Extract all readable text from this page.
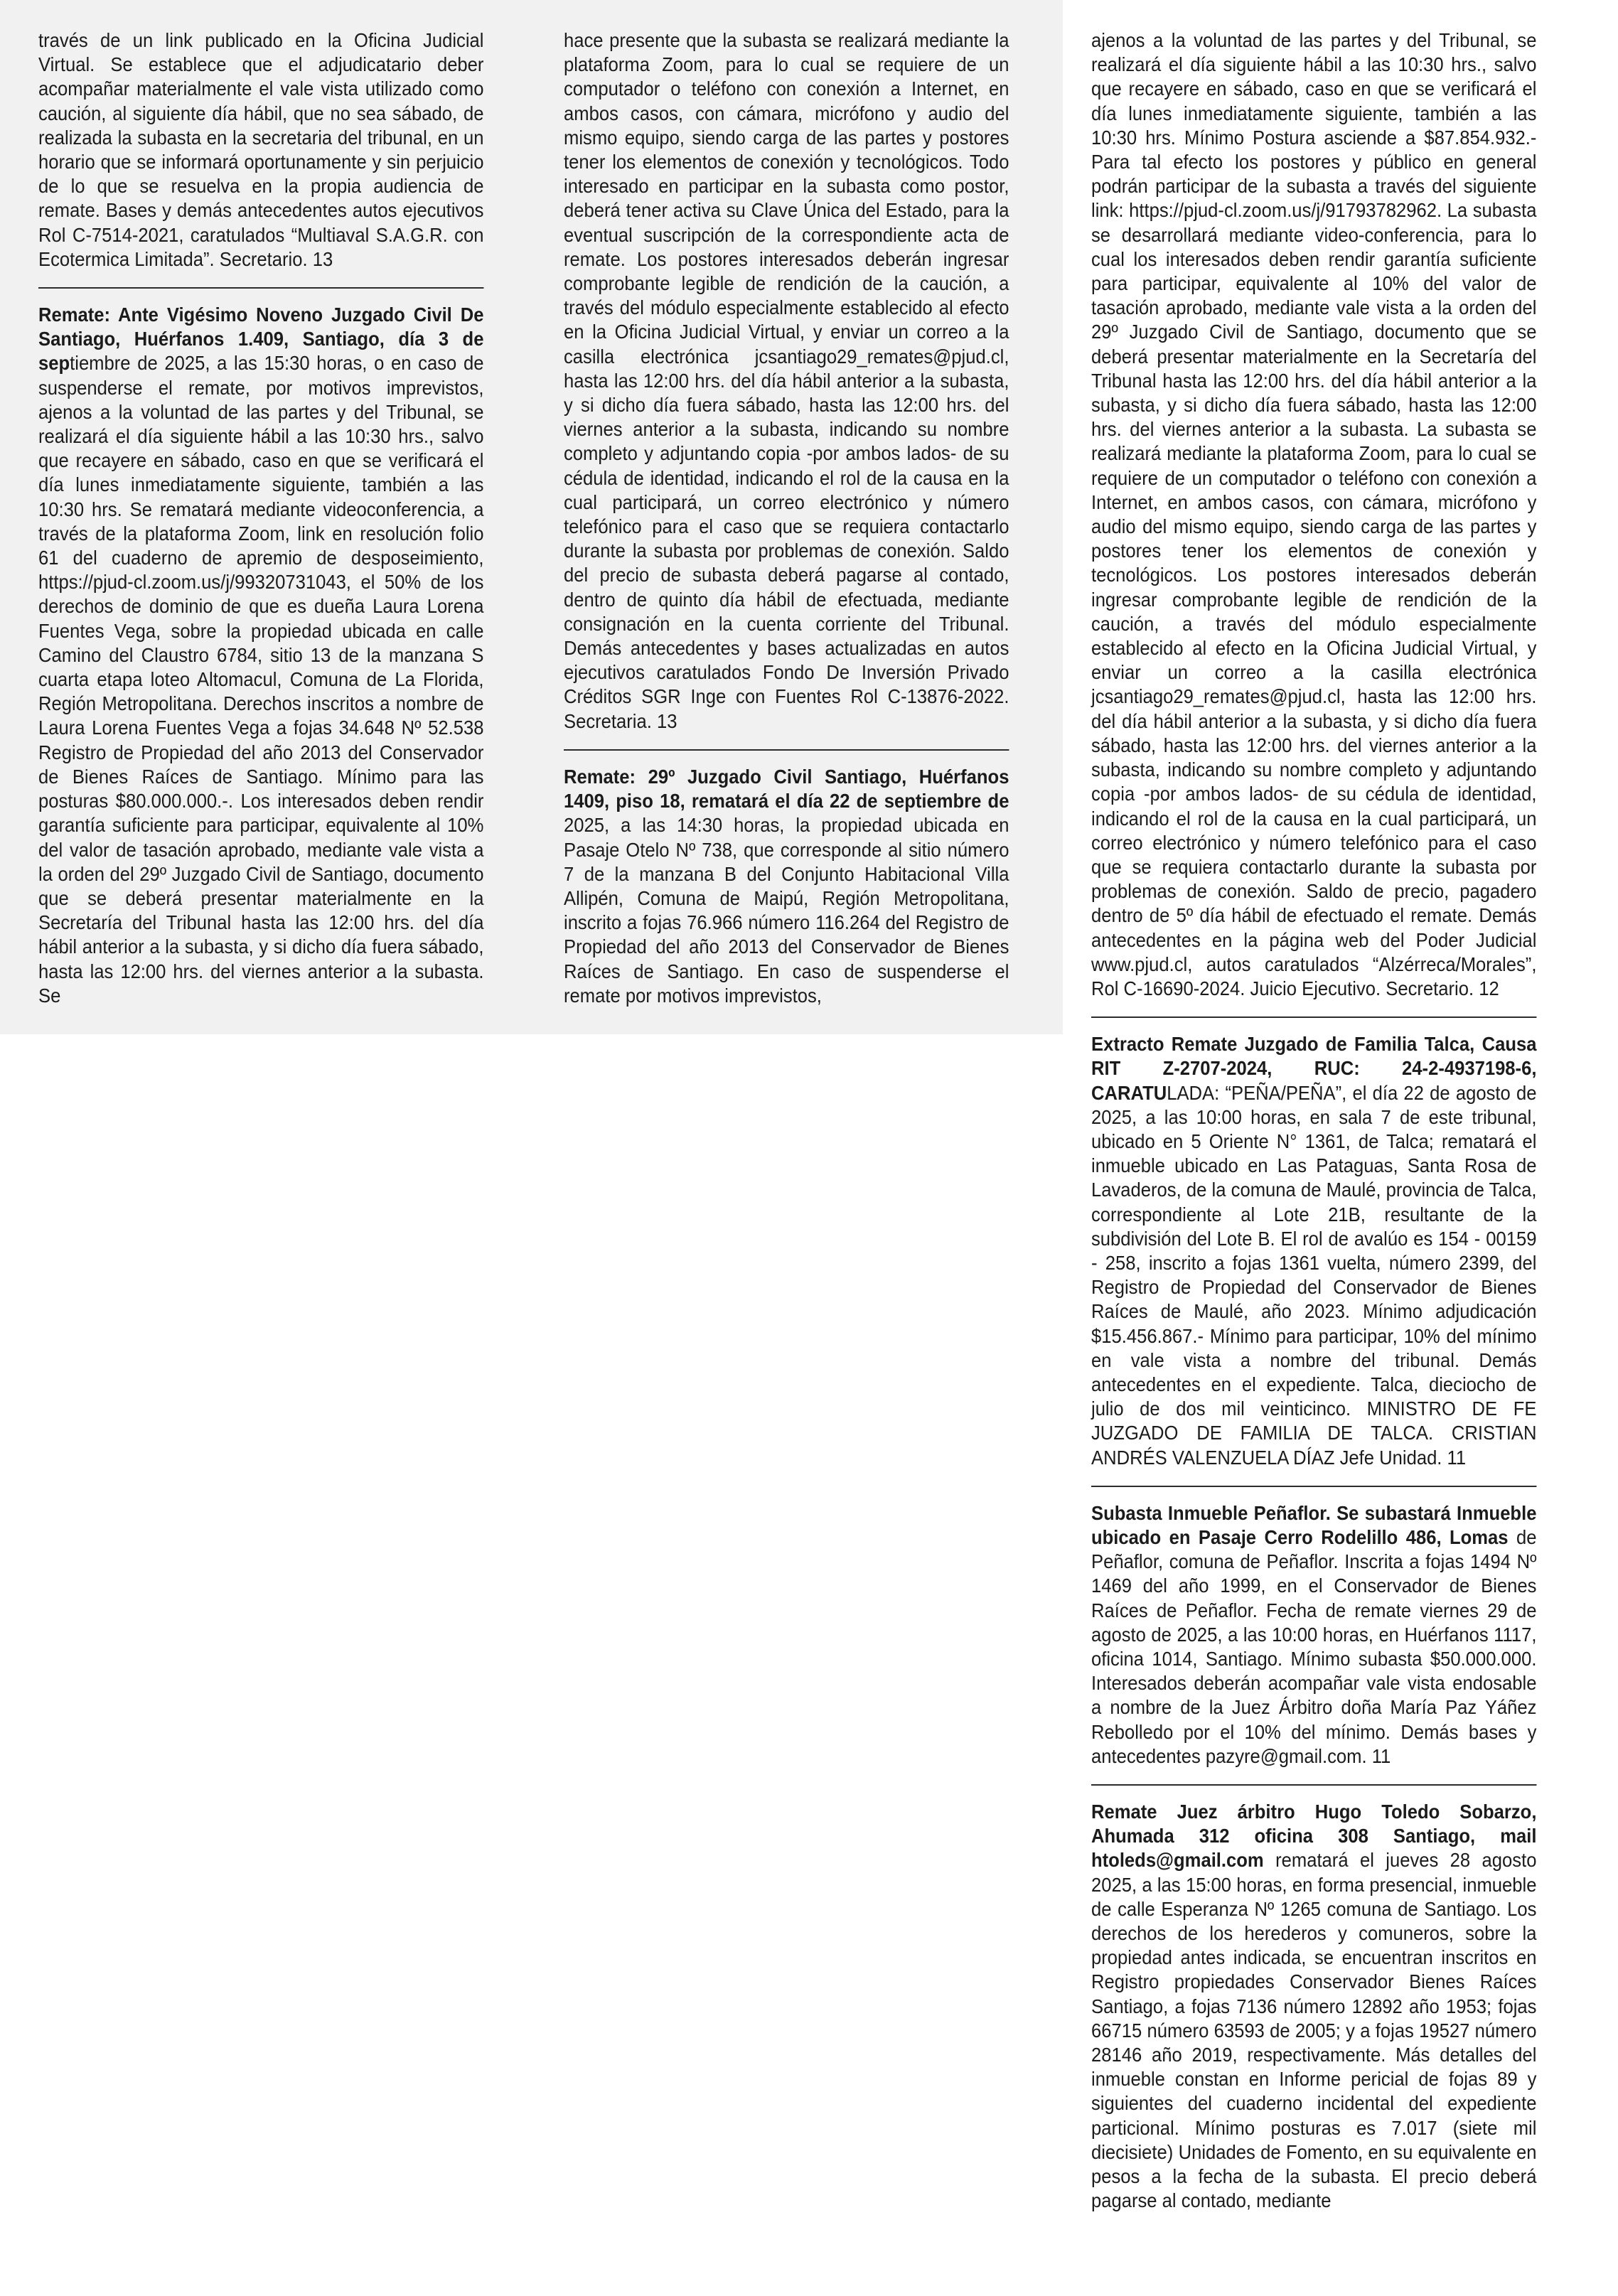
través de un link publicado en la Oficina Judicial Virtual. Se establece que el adjudicatario deber acompañar materialmente el vale vista utilizado como caución, al siguiente día hábil, que no sea sábado, de realizada la subasta en la secretaria del tribunal, en un horario que se informará oportunamente y sin perjuicio de lo que se resuelva en la propia audiencia de remate. Bases y demás antecedentes autos ejecutivos Rol C-7514-2021, caratulados “Multiaval S.A.G.R. con Ecotermica Limitada”. Secretario. 13

Remate: Ante Vigésimo Noveno Juzgado Civil De Santiago, Huérfanos 1.409, Santiago, día 3 de septiembre de 2025, a las 15:30 horas, o en caso de suspenderse el remate, por motivos imprevistos, ajenos a la voluntad de las partes y del Tribunal, se realizará el día siguiente hábil a las 10:30 hrs., salvo que recayere en sábado, caso en que se verificará el día lunes inmediatamente siguiente, también a las 10:30 hrs. Se rematará mediante videoconferencia, a través de la plataforma Zoom, link en resolución folio 61 del cuaderno de apremio de desposeimiento, https://pjud-cl.zoom.us/j/99320731043, el 50% de los derechos de dominio de que es dueña Laura Lorena Fuentes Vega, sobre la propiedad ubicada en calle Camino del Claustro 6784, sitio 13 de la manzana S cuarta etapa loteo Altomacul, Comuna de La Florida, Región Metropolitana. Derechos inscritos a nombre de Laura Lorena Fuentes Vega a fojas 34.648 Nº 52.538 Registro de Propiedad del año 2013 del Conservador de Bienes Raíces de Santiago. Mínimo para las posturas $80.000.000.-. Los interesados deben rendir garantía suficiente para participar, equivalente al 10% del valor de tasación aprobado, mediante vale vista a la orden del 29º Juzgado Civil de Santiago, documento que se deberá presentar materialmente en la Secretaría del Tribunal hasta las 12:00 hrs. del día hábil anterior a la subasta, y si dicho día fuera sábado, hasta las 12:00 hrs. del viernes anterior a la subasta. Se

hace presente que la subasta se realizará mediante la plataforma Zoom, para lo cual se requiere de un computador o teléfono con conexión a Internet, en ambos casos, con cámara, micrófono y audio del mismo equipo, siendo carga de las partes y postores tener los elementos de conexión y tecnológicos. Todo interesado en participar en la subasta como postor, deberá tener activa su Clave Única del Estado, para la eventual suscripción de la correspondiente acta de remate. Los postores interesados deberán ingresar comprobante legible de rendición de la caución, a través del módulo especialmente establecido al efecto en la Oficina Judicial Virtual, y enviar un correo a la casilla electrónica jcsantiago29_remates@pjud.cl, hasta las 12:00 hrs. del día hábil anterior a la subasta, y si dicho día fuera sábado, hasta las 12:00 hrs. del viernes anterior a la subasta, indicando su nombre completo y adjuntando copia -por ambos lados- de su cédula de identidad, indicando el rol de la causa en la cual participará, un correo electrónico y número telefónico para el caso que se requiera contactarlo durante la subasta por problemas de conexión. Saldo del precio de subasta deberá pagarse al contado, dentro de quinto día hábil de efectuada, mediante consignación en la cuenta corriente del Tribunal. Demás antecedentes y bases actualizadas en autos ejecutivos caratulados Fondo De Inversión Privado Créditos SGR Inge con Fuentes Rol C-13876-2022. Secretaria. 13

Remate: 29º Juzgado Civil Santiago, Huérfanos 1409, piso 18, rematará el día 22 de septiembre de 2025, a las 14:30 horas, la propiedad ubicada en Pasaje Otelo Nº 738, que corresponde al sitio número 7 de la manzana B del Conjunto Habitacional Villa Allipén, Comuna de Maipú, Región Metropolitana, inscrito a fojas 76.966 número 116.264 del Registro de Propiedad del año 2013 del Conservador de Bienes Raíces de Santiago. En caso de suspenderse el remate por motivos imprevistos,

ajenos a la voluntad de las partes y del Tribunal, se realizará el día siguiente hábil a las 10:30 hrs., salvo que recayere en sábado, caso en que se verificará el día lunes inmediatamente siguiente, también a las 10:30 hrs. Mínimo Postura asciende a $87.854.932.- Para tal efecto los postores y público en general podrán participar de la subasta a través del siguiente link: https://pjud-cl.zoom.us/j/91793782962. La subasta se desarrollará mediante video-conferencia, para lo cual los interesados deben rendir garantía suficiente para participar, equivalente al 10% del valor de tasación aprobado, mediante vale vista a la orden del 29º Juzgado Civil de Santiago, documento que se deberá presentar materialmente en la Secretaría del Tribunal hasta las 12:00 hrs. del día hábil anterior a la subasta, y si dicho día fuera sábado, hasta las 12:00 hrs. del viernes anterior a la subasta. La subasta se realizará mediante la plataforma Zoom, para lo cual se requiere de un computador o teléfono con conexión a Internet, en ambos casos, con cámara, micrófono y audio del mismo equipo, siendo carga de las partes y postores tener los elementos de conexión y tecnológicos. Los postores interesados deberán ingresar comprobante legible de rendición de la caución, a través del módulo especialmente establecido al efecto en la Oficina Judicial Virtual, y enviar un correo a la casilla electrónica jcsantiago29_remates@pjud.cl, hasta las 12:00 hrs. del día hábil anterior a la subasta, y si dicho día fuera sábado, hasta las 12:00 hrs. del viernes anterior a la subasta, indicando su nombre completo y adjuntando copia -por ambos lados- de su cédula de identidad, indicando el rol de la causa en la cual participará, un correo electrónico y número telefónico para el caso que se requiera contactarlo durante la subasta por problemas de conexión. Saldo de precio, pagadero dentro de 5º día hábil de efectuado el remate. Demás antecedentes en la página web del Poder Judicial www.pjud.cl, autos caratulados “Alzérreca/Morales”, Rol C-16690-2024. Juicio Ejecutivo. Secretario. 12

Extracto Remate Juzgado de Familia Talca, Causa RIT Z-2707-2024, RUC: 24-2-4937198-6, CARATULADA: “PEÑA/PEÑA”, el día 22 de agosto de 2025, a las 10:00 horas, en sala 7 de este tribunal, ubicado en 5 Oriente N° 1361, de Talca; rematará el inmueble ubicado en Las Pataguas, Santa Rosa de Lavaderos, de la comuna de Maulé, provincia de Talca, correspondiente al Lote 21B, resultante de la subdivisión del Lote B. El rol de avalúo es 154 - 00159 - 258, inscrito a fojas 1361 vuelta, número 2399, del Registro de Propiedad del Conservador de Bienes Raíces de Maulé, año 2023. Mínimo adjudicación $15.456.867.- Mínimo para participar, 10% del mínimo en vale vista a nombre del tribunal. Demás antecedentes en el expediente. Talca, dieciocho de julio de dos mil veinticinco. MINISTRO DE FE JUZGADO DE FAMILIA DE TALCA. CRISTIAN ANDRÉS VALENZUELA DÍAZ Jefe Unidad. 11

Subasta Inmueble Peñaflor. Se subastará Inmueble ubicado en Pasaje Cerro Rodelillo 486, Lomas de Peñaflor, comuna de Peñaflor. Inscrita a fojas 1494 Nº 1469 del año 1999, en el Conservador de Bienes Raíces de Peñaflor. Fecha de remate viernes 29 de agosto de 2025, a las 10:00 horas, en Huérfanos 1117, oficina 1014, Santiago. Mínimo subasta $50.000.000. Interesados deberán acompañar vale vista endosable a nombre de la Juez Árbitro doña María Paz Yáñez Rebolledo por el 10% del mínimo. Demás bases y antecedentes pazyre@gmail.com. 11

Remate Juez árbitro Hugo Toledo Sobarzo, Ahumada 312 oficina 308 Santiago, mail htoleds@gmail.com rematará el jueves 28 agosto 2025, a las 15:00 horas, en forma presencial, inmueble de calle Esperanza Nº 1265 comuna de Santiago. Los derechos de los herederos y comuneros, sobre la propiedad antes indicada, se encuentran inscritos en Registro propiedades Conservador Bienes Raíces Santiago, a fojas 7136 número 12892 año 1953; fojas 66715 número 63593 de 2005; y a fojas 19527 número 28146 año 2019, respectivamente. Más detalles del inmueble constan en Informe pericial de fojas 89 y siguientes del cuaderno incidental del expediente particional. Mínimo posturas es 7.017 (siete mil diecisiete) Unidades de Fomento, en su equivalente en pesos a la fecha de la subasta. El precio deberá pagarse al contado, mediante
